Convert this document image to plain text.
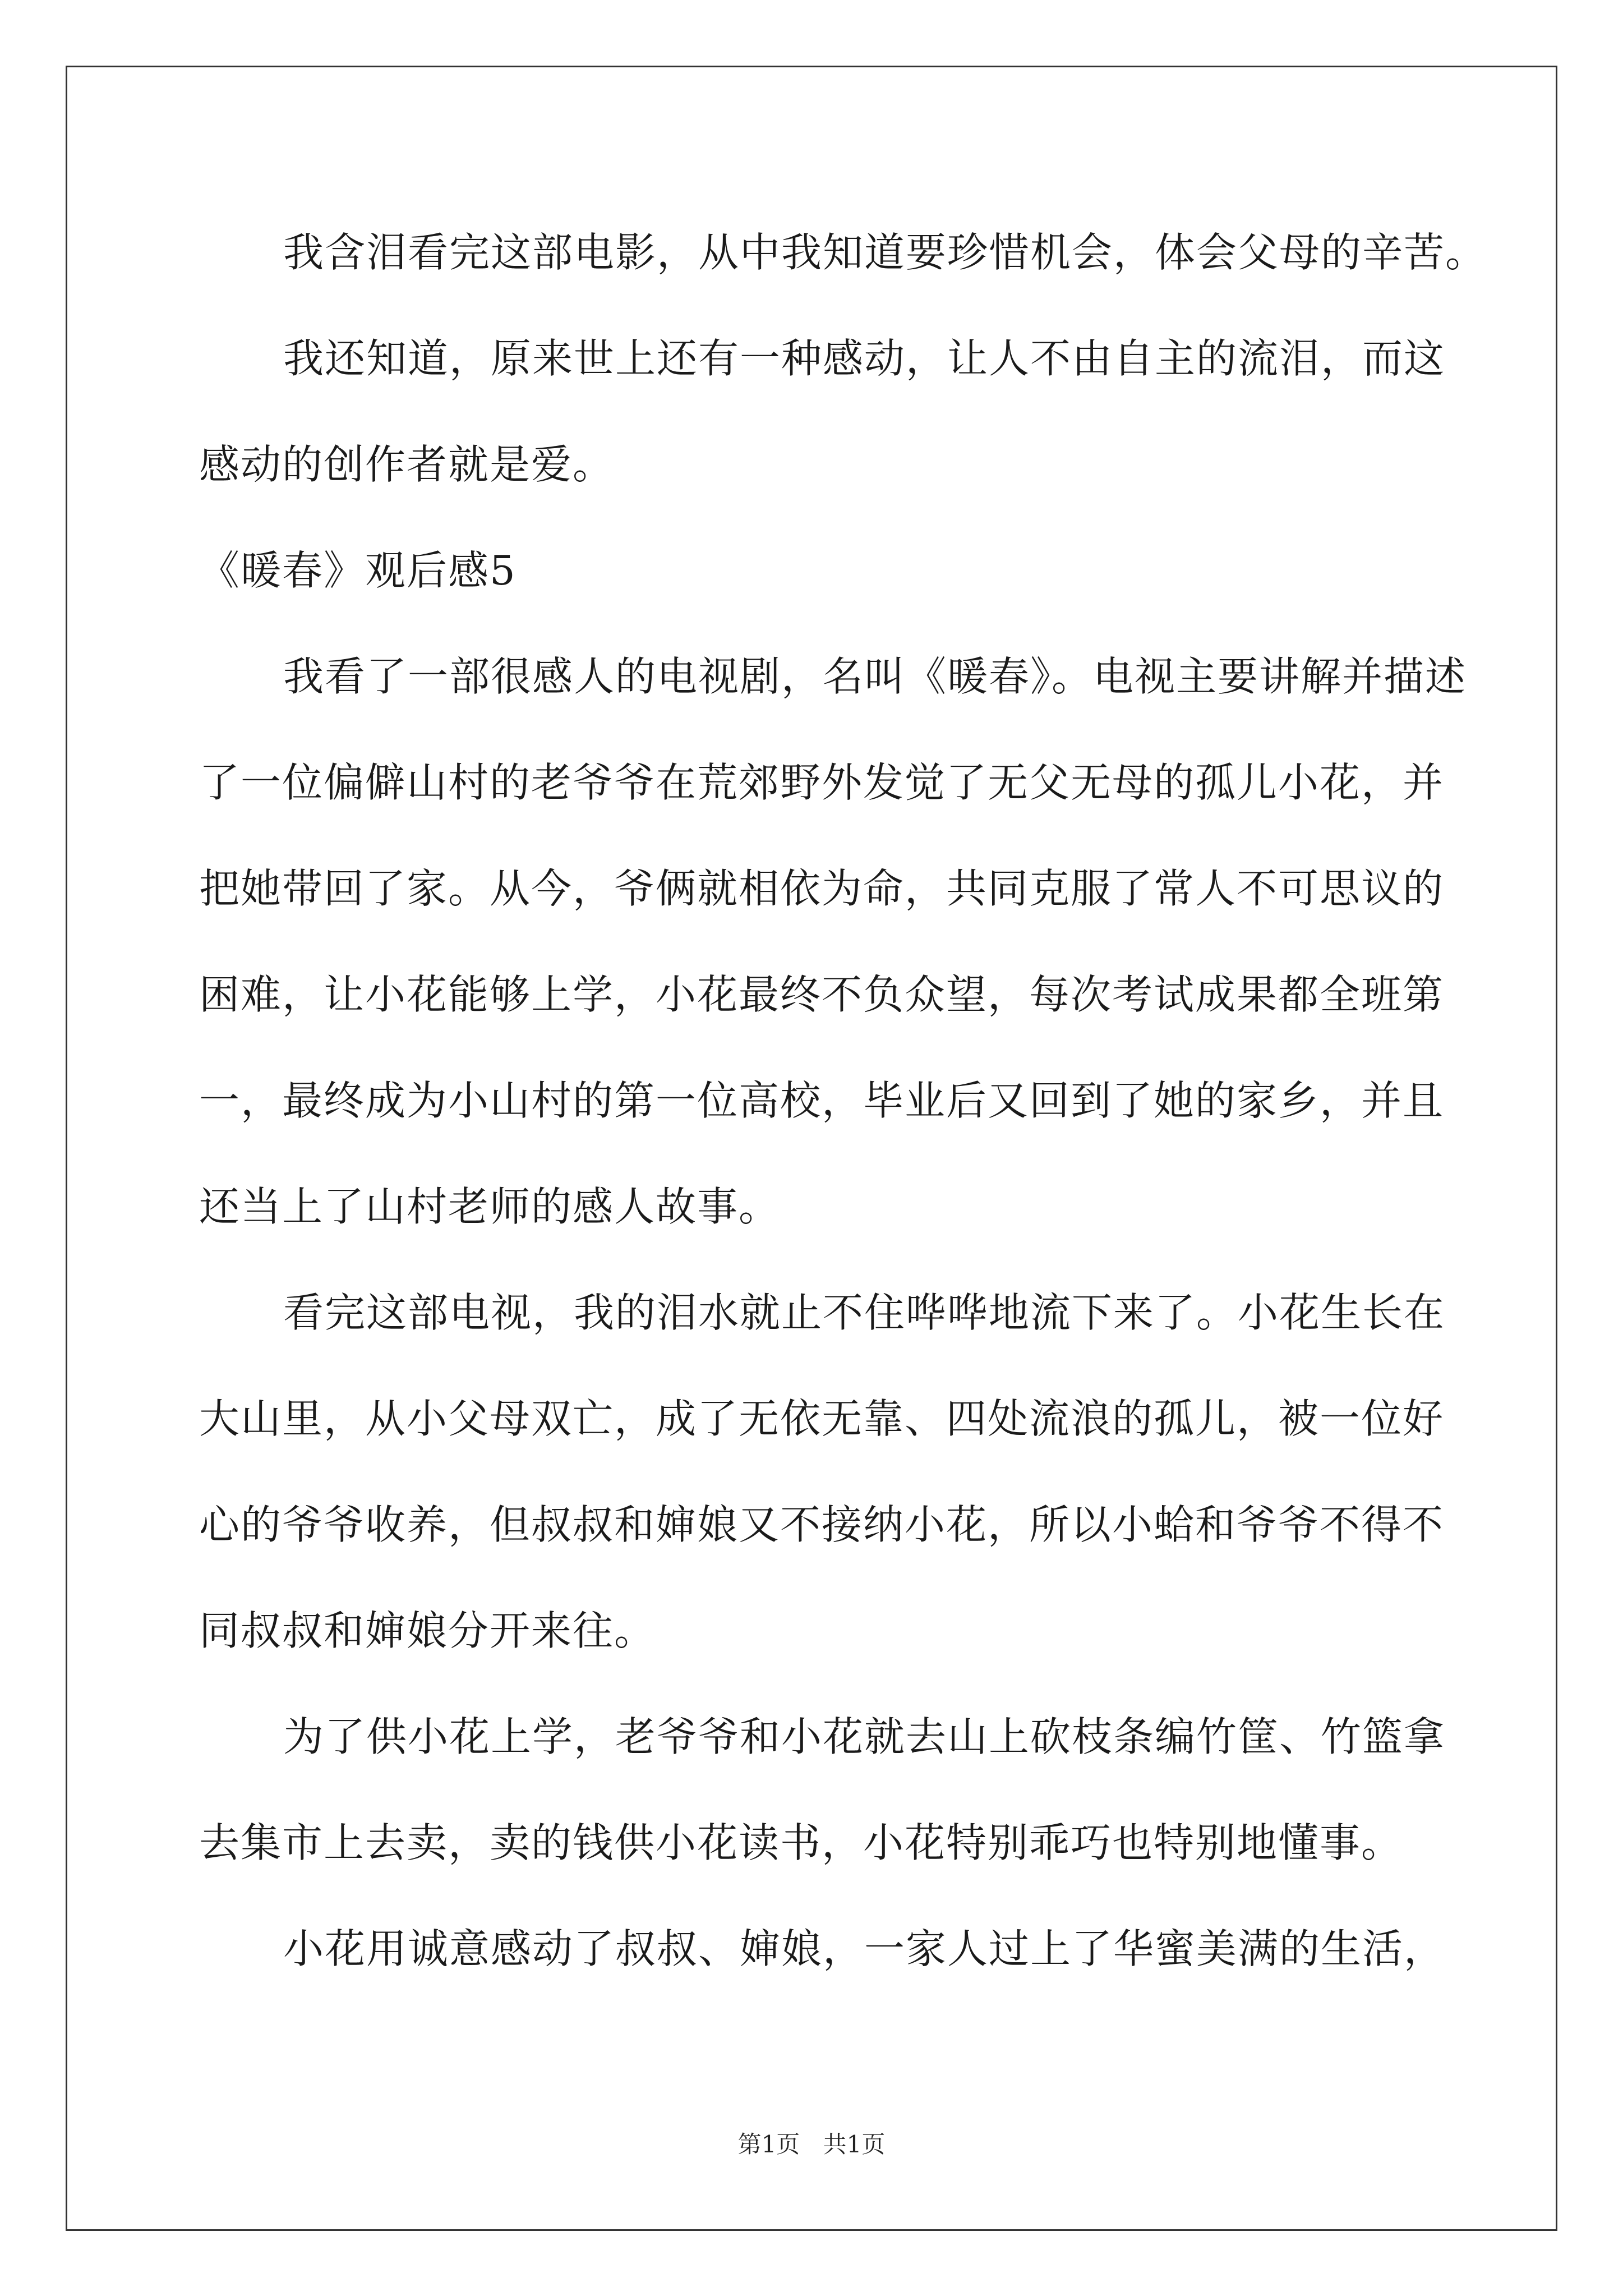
我含泪看完这部电影，从中我知道要珍惜机会，体会父母的辛苦。
我还知道，原来世上还有一种感动，让人不由自主的流泪，而这
感动的创作者就是爱。
《暖春》观后感5
我看了一部很感人的电视剧，名叫《暖春》。电视主要讲解并描述
了一位偏僻山村的老爷爷在荒郊野外发觉了无父无母的孤儿小花，并
把她带回了家。从今，爷俩就相依为命，共同克服了常人不可思议的
困难，让小花能够上学，小花最终不负众望，每次考试成果都全班第
一，最终成为小山村的第一位高校，毕业后又回到了她的家乡，并且
还当上了山村老师的感人故事。
看完这部电视，我的泪水就止不住哗哗地流下来了。小花生长在
大山里，从小父母双亡，成了无依无靠、四处流浪的孤儿，被一位好
心的爷爷收养，但叔叔和婶娘又不接纳小花，所以小蛤和爷爷不得不
同叔叔和婶娘分开来往。
为了供小花上学，老爷爷和小花就去山上砍枝条编竹筐、竹篮拿
去集市上去卖，卖的钱供小花读书，小花特别乖巧也特别地懂事。
小花用诚意感动了叔叔、婶娘，一家人过上了华蜜美满的生活，
第1页 共1页
